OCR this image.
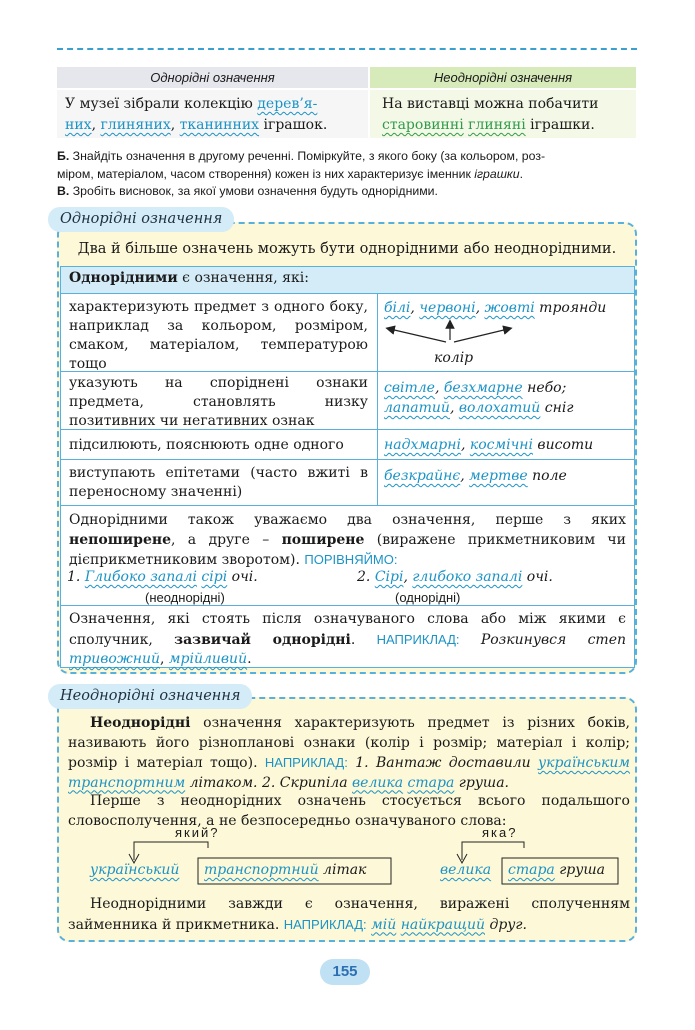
Однорідні означення	Неоднорідні означення
У музеї зібрали колекцію дерев’я-
них, глиняних, тканинних іграшок.
На виставці можна побачити
старовинні глиняні іграшки.
Б. Знайдіть означення в другому реченні. Поміркуйте, з якого боку (за кольором, роз-
міром, матеріалом, часом створення) кожен із них характеризує іменник іграшки.
В. Зробіть висновок, за якої умови означення будуть однорідними.
Однорідні означення
Два й більше означень можуть бути однорідними або неоднорідними.
Однорідними є означення, які:
характеризують предмет з одного боку, наприклад за кольором, розміром, смаком, матеріалом, температурою тощо
білі, червоні, жовті троянди
колір
указують на споріднені ознаки предмета, становлять низку позитивних чи негативних ознак
світле, безхмарне небо;
лапатий, волохатий сніг
підсилюють, пояснюють одне одного	надхмарні, космічні висоти
виступають епітетами (часто вжиті в переносному значенні)
безкрайнє, мертве поле
Однорідними також уважаємо два означення, перше з яких непоширене, а друге – поширене (виражене прикметниковим чи дієприкметниковим зворотом). ПОРІВНЯЙМО:
1. Глибоко запалі сірі очі.
(неоднорідні)
2. Сірі, глибоко запалі очі.
(однорідні)
Означення, які стоять після означуваного слова або між якими є сполучник, зазвичай однорідні. НАПРИКЛАД: Розкинувся степ тривожний, мрійливий.
Неоднорідні означення
Неоднорідні означення характеризують предмет із різних боків, називають його різнопланові ознаки (колір і розмір; матеріал і колір; розмір і матеріал тощо). НАПРИКЛАД: 1. Вантаж доставили українським транспортним літаком. 2. Скрипіла велика стара груша.
Перше з неоднорідних означень стосується всього подальшого словосполучення, а не безпосередньо означуваного слова:
який?
український транспортний літак
яка?
велика стара груша
Неоднорідними завжди є означення, виражені сполученням займенника й прикметника. НАПРИКЛАД: мій найкращий друг.
155
